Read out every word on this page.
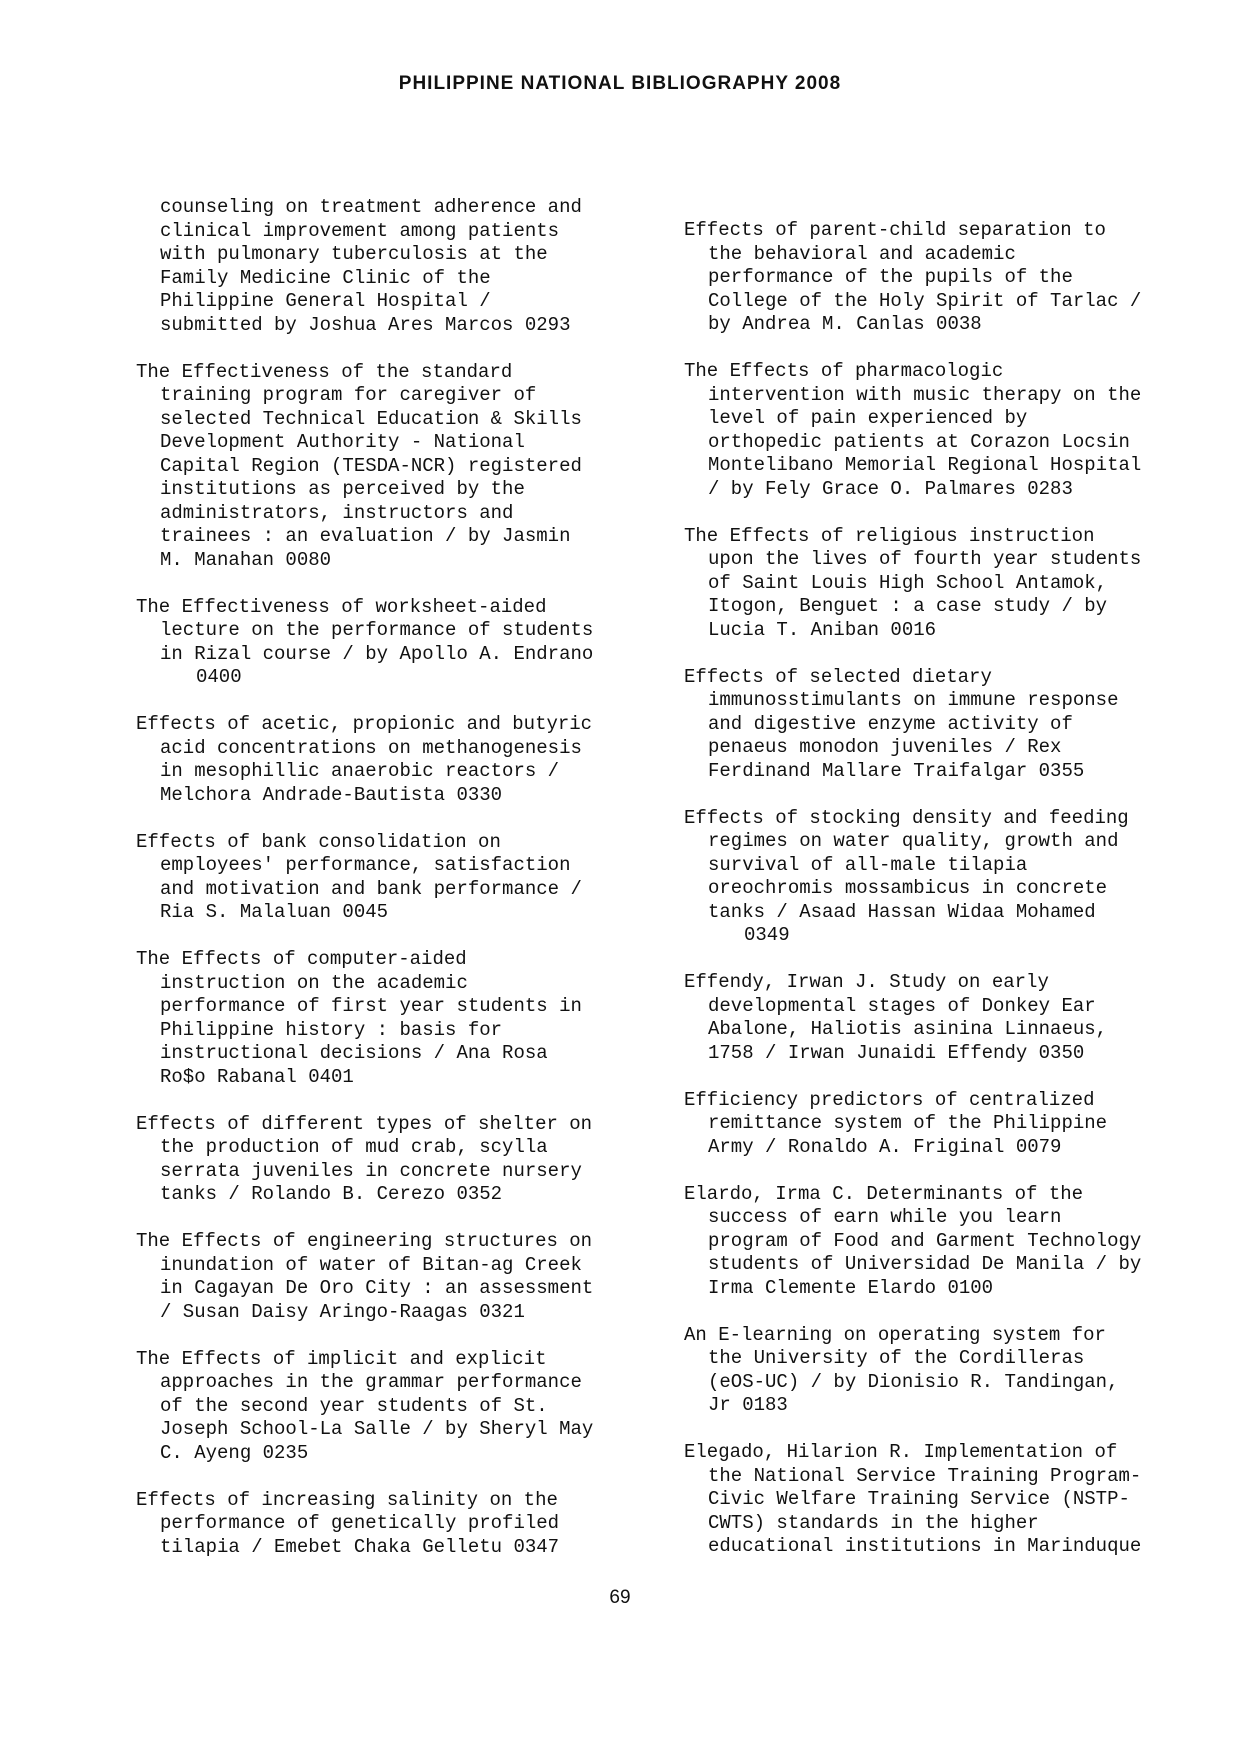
PHILIPPINE NATIONAL BIBLIOGRAPHY 2008
counseling on treatment adherence and
clinical improvement among patients
with pulmonary tuberculosis at the
Family Medicine Clinic of the
Philippine General Hospital /
submitted by Joshua Ares Marcos 0293
The Effectiveness of the standard
training program for caregiver of
selected Technical Education & Skills
Development Authority - National
Capital Region (TESDA-NCR) registered
institutions as perceived by the
administrators, instructors and
trainees : an evaluation / by Jasmin
M. Manahan 0080
The Effectiveness of worksheet-aided
lecture on the performance of students
in Rizal course / by Apollo A. Endrano
0400
Effects of acetic, propionic and butyric
acid concentrations on methanogenesis
in mesophillic anaerobic reactors /
Melchora Andrade-Bautista 0330
Effects of bank consolidation on
employees' performance, satisfaction
and motivation and bank performance /
Ria S. Malaluan 0045
The Effects of computer-aided
instruction on the academic
performance of first year students in
Philippine history : basis for
instructional decisions / Ana Rosa
Ro$o Rabanal 0401
Effects of different types of shelter on
the production of mud crab, scylla
serrata juveniles in concrete nursery
tanks / Rolando B. Cerezo 0352
The Effects of engineering structures on
inundation of water of Bitan-ag Creek
in Cagayan De Oro City : an assessment
/ Susan Daisy Aringo-Raagas 0321
The Effects of implicit and explicit
approaches in the grammar performance
of the second year students of St.
Joseph School-La Salle / by Sheryl May
C. Ayeng 0235
Effects of increasing salinity on the
performance of genetically profiled
tilapia / Emebet Chaka Gelletu 0347
Effects of parent-child separation to
the behavioral and academic
performance of the pupils of the
College of the Holy Spirit of Tarlac /
by Andrea M. Canlas 0038
The Effects of pharmacologic
intervention with music therapy on the
level of pain experienced by
orthopedic patients at Corazon Locsin
Montelibano Memorial Regional Hospital
/ by Fely Grace O. Palmares 0283
The Effects of religious instruction
upon the lives of fourth year students
of Saint Louis High School Antamok,
Itogon, Benguet : a case study / by
Lucia T. Aniban 0016
Effects of selected dietary
immunosstimulants on immune response
and digestive enzyme activity of
penaeus monodon juveniles / Rex
Ferdinand Mallare Traifalgar 0355
Effects of stocking density and feeding
regimes on water quality, growth and
survival of all-male tilapia
oreochromis mossambicus in concrete
tanks / Asaad Hassan Widaa Mohamed
0349
Effendy, Irwan J. Study on early
developmental stages of Donkey Ear
Abalone, Haliotis asinina Linnaeus,
1758 / Irwan Junaidi Effendy 0350
Efficiency predictors of centralized
remittance system of the Philippine
Army / Ronaldo A. Friginal 0079
Elardo, Irma C. Determinants of the
success of earn while you learn
program of Food and Garment Technology
students of Universidad De Manila / by
Irma Clemente Elardo 0100
An E-learning on operating system for
the University of the Cordilleras
(eOS-UC) / by Dionisio R. Tandingan,
Jr 0183
Elegado, Hilarion R. Implementation of
the National Service Training Program-
Civic Welfare Training Service (NSTP-
CWTS) standards in the higher
educational institutions in Marinduque
69
